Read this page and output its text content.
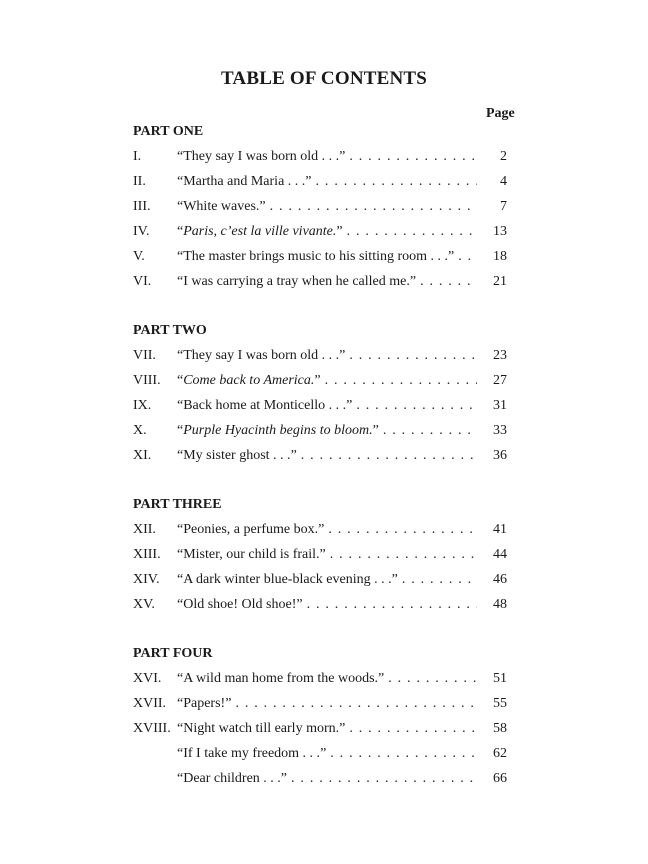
TABLE OF CONTENTS
Page
PART ONE
I.	“They say I was born old . . .” . . .	2
II. “Martha and Maria . . .” . . .	4
III. “White waves.” . . .	7
IV. “Paris, c’est la ville vivante.” . . .	13
V. “The master brings music to his sitting room . . .” . . .	18
VI. “I was carrying a tray when he called me.” . . .	21
PART TWO
VII. “They say I was born old . . .” . . .	23
VIII. “Come back to America.” . . .	27
IX. “Back home at Monticello . . .” . . .	31
X. “Purple Hyacinth begins to bloom.” . . .	33
XI. “My sister ghost . . .” . . .	36
PART THREE
XII. “Peonies, a perfume box.” . . .	41
XIII. “Mister, our child is frail.” . . .	44
XIV. “A dark winter blue-black evening . . .” . . .	46
XV. “Old shoe! Old shoe!” . . .	48
PART FOUR
XVI. “A wild man home from the woods.” . . .	51
XVII. “Papers!” . . .	55
XVIII. “Night watch till early morn.” . . .	58
“If I take my freedom . . .” . . .	62
“Dear children . . .” . . .	66
